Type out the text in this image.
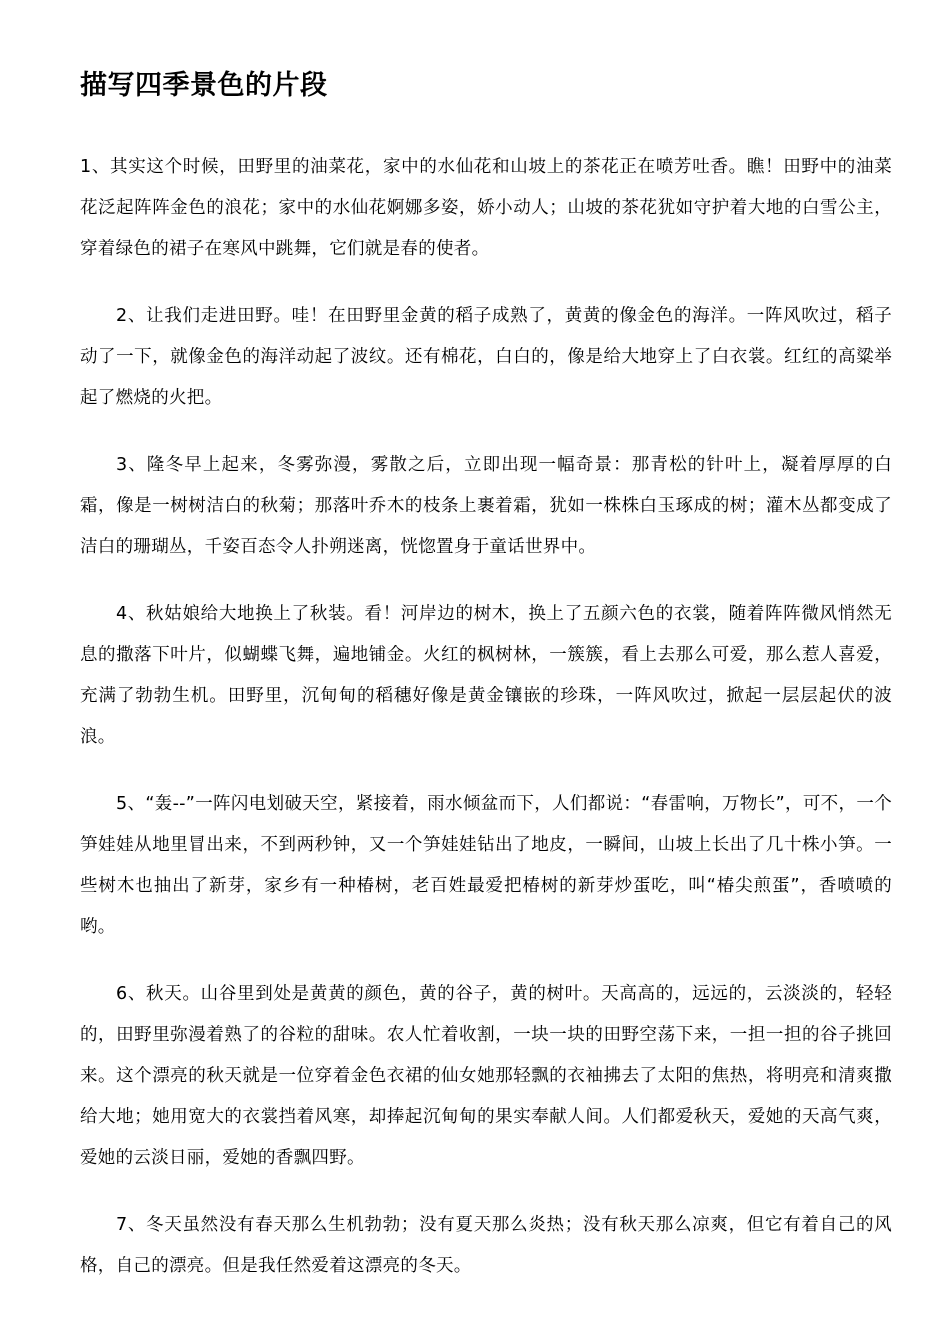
描写四季景色的片段

1、其实这个时候，田野里的油菜花，家中的水仙花和山坡上的茶花正在喷芳吐香。瞧！田野中的油菜花泛起阵阵金色的浪花；家中的水仙花婀娜多姿，娇小动人；山坡的茶花犹如守护着大地的白雪公主，穿着绿色的裙子在寒风中跳舞，它们就是春的使者。

2、让我们走进田野。哇！在田野里金黄的稻子成熟了，黄黄的像金色的海洋。一阵风吹过，稻子动了一下，就像金色的海洋动起了波纹。还有棉花，白白的，像是给大地穿上了白衣裳。红红的高粱举起了燃烧的火把。

3、隆冬早上起来，冬雾弥漫，雾散之后，立即出现一幅奇景：那青松的针叶上，凝着厚厚的白霜，像是一树树洁白的秋菊；那落叶乔木的枝条上裹着霜，犹如一株株白玉琢成的树；灌木丛都变成了洁白的珊瑚丛，千姿百态令人扑朔迷离，恍惚置身于童话世界中。

4、秋姑娘给大地换上了秋装。看！河岸边的树木，换上了五颜六色的衣裳，随着阵阵微风悄然无息的撒落下叶片，似蝴蝶飞舞，遍地铺金。火红的枫树林，一簇簇，看上去那么可爱，那么惹人喜爱，充满了勃勃生机。田野里，沉甸甸的稻穗好像是黄金镶嵌的珍珠，一阵风吹过，掀起一层层起伏的波浪。

5、“轰--”一阵闪电划破天空，紧接着，雨水倾盆而下，人们都说：“春雷响，万物长”，可不，一个笋娃娃从地里冒出来，不到两秒钟，又一个笋娃娃钻出了地皮，一瞬间，山坡上长出了几十株小笋。一些树木也抽出了新芽，家乡有一种椿树，老百姓最爱把椿树的新芽炒蛋吃，叫“椿尖煎蛋”，香喷喷的哟。

6、秋天。山谷里到处是黄黄的颜色，黄的谷子，黄的树叶。天高高的，远远的，云淡淡的，轻轻的，田野里弥漫着熟了的谷粒的甜味。农人忙着收割，一块一块的田野空荡下来，一担一担的谷子挑回来。这个漂亮的秋天就是一位穿着金色衣裙的仙女她那轻飘的衣袖拂去了太阳的焦热，将明亮和清爽撒给大地；她用宽大的衣裳挡着风寒，却捧起沉甸甸的果实奉献人间。人们都爱秋天，爱她的天高气爽，爱她的云淡日丽，爱她的香飘四野。

7、冬天虽然没有春天那么生机勃勃；没有夏天那么炎热；没有秋天那么凉爽，但它有着自己的风格，自己的漂亮。但是我任然爱着这漂亮的冬天。
